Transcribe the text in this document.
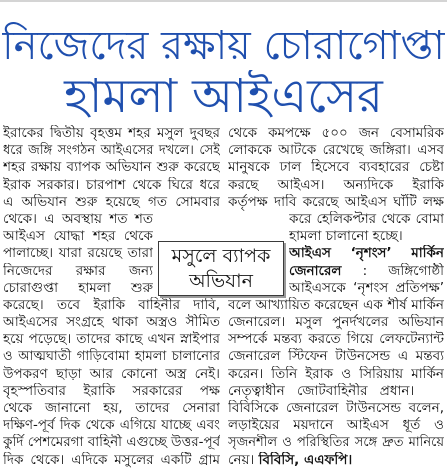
নিজেদের রক্ষায় চোরাগোপ্তা
হামলা আইএসের
ইরাকের দ্বিতীয় বৃহত্তম শহর মসুল দুবছর
ধরে জঙ্গি সংগঠন আইএসের দখলে। সেই
শহর রক্ষায় ব্যাপক অভিযান শুরু করেছে
ইরাক সরকার। চারপাশ থেকে ঘিরে ধরে
এ অভিযান শুরু হয়েছে গত সোমবার
থেকে। এ অবস্থায় শত শত
আইএস যোদ্ধা শহর থেকে
পালাচ্ছে। যারা রয়েছে তারা
নিজেদের রক্ষার জন্য
চোরাগুপ্তা হামলা শুরু
করেছে। তবে ইরাকি বাহিনীর দাবি,
আইএসের সংগ্রহে থাকা অস্ত্রও সীমিত
হয়ে পড়েছে। তাদের কাছে এখন স্নাইপার
ও আত্মঘাতী গাড়িবোমা হামলা চালানোর
উপকরণ ছাড়া আর কোনো অস্ত্র নেই।
বৃহস্পতিবার ইরাকি সরকারের পক্ষ
থেকে জানানো হয়, তাদের সেনারা
দক্ষিণ-পূর্ব দিক থেকে এগিয়ে যাচ্ছে এবং
কুর্দি পেশমেরগা বাহিনী এগুচ্ছে উত্তর-পূর্ব
দিক থেকে। এদিকে মসুলের একটি গ্রাম
থেকে কমপক্ষে ৫০০ জন বেসামরিক
লোককে আটকে রেখেছে জঙ্গিরা। এসব
মানুষকে ঢাল হিসেবে ব্যবহারের চেষ্টা
করছে আইএস। অন্যদিকে ইরাকি
কর্তৃপক্ষ দাবি করেছে আইএস ঘাঁটি লক্ষ
করে হেলিকপ্টার থেকে বোমা
হামলা চালানো হচ্ছে।
আইএস ‘নৃশংস’ মার্কিন
জেনারেল : জঙ্গিগোষ্ঠী
আইএসকে ‘নৃশংস প্রতিপক্ষ’
বলে আখ্যায়িত করেছেন এক শীর্ষ মার্কিন
জেনারেল। মসুল পুনর্দখলের অভিযান
সম্পর্কে মন্তব্য করতে গিয়ে লেফটেন্যান্ট
জেনারেল স্টিফেন টাউনসেন্ড এ মন্তব্য
করেন। তিনি ইরাক ও সিরিয়ায় মার্কিন
নেতৃত্বাধীন জোটবাহিনীর প্রধান।
বিবিসিকে জেনারেল টাউনসেন্ড বলেন,
লড়াইয়ের ময়দানে আইএস ধূর্ত ও
সৃজনশীল ও পরিস্থিতির সঙ্গে দ্রুত মানিয়ে
নেয়। বিবিসি, এএফপি।
মসুলে ব্যাপক
অভিযান
